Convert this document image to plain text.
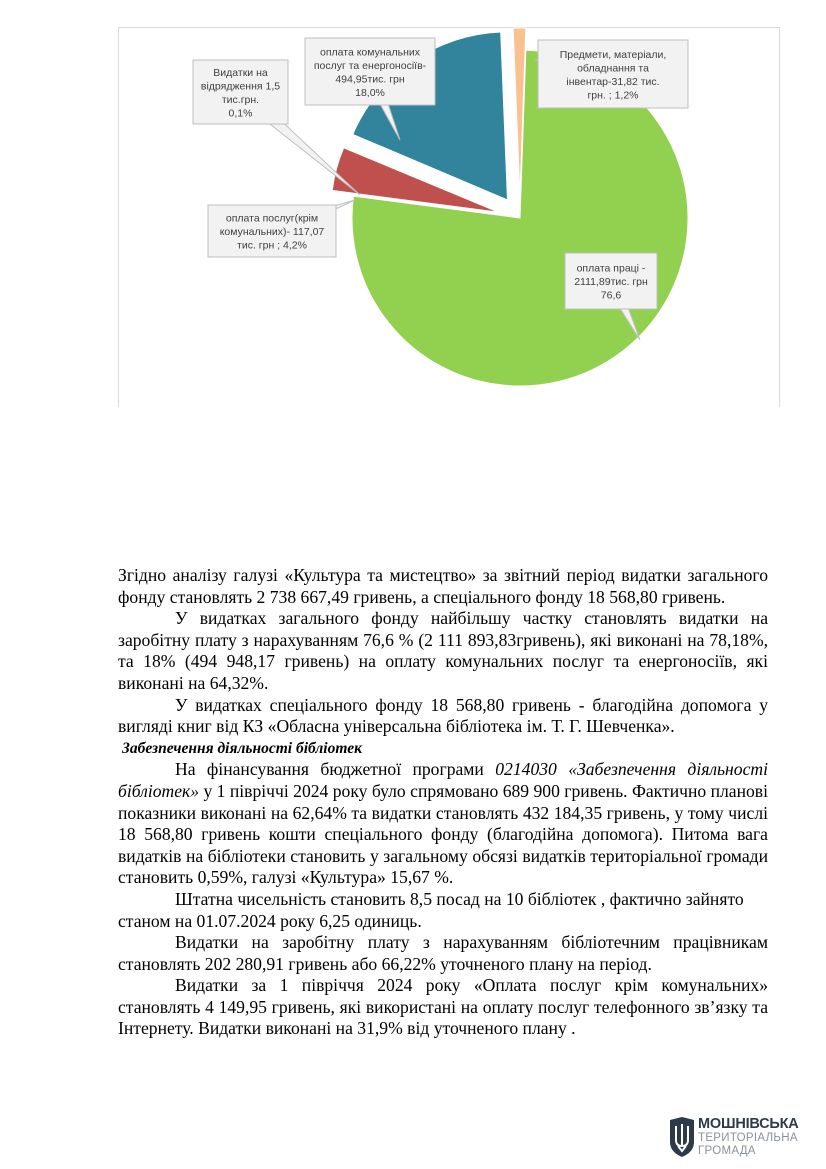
оплата праці -
2111,89тис. грн
76,6
оплата послуг(крім
комунальних)- 117,07
тис. грн ; 4,2%
Видатки на
відрядження 1,5
тис.грн.
0,1%
оплата комунальних
послуг та енергоносіїв-
494,95тис. грн
18,0%
Предмети, матеріали,
обладнання та
інвентар-31,82 тис.
грн. ; 1,2%

Згідно аналізу галузі «Культура та мистецтво» за звітний період видатки загального фонду становлять 2 738 667,49 гривень, а спеціального фонду 18 568,80 гривень.

У видатках загального фонду найбільшу частку становлять видатки на заробітну плату з нарахуванням 76,6 % (2 111 893,83гривень), які виконані на 78,18%, та 18% (494 948,17 гривень) на оплату комунальних послуг та енергоносіїв, які виконані на 64,32%.

У видатках спеціального фонду 18 568,80 гривень - благодійна допомога у вигляді книг від КЗ «Обласна універсальна бібліотека ім. Т. Г. Шевченка».

Забезпечення діяльності бібліотек

На фінансування бюджетної програми 0214030 «Забезпечення діяльності бібліотек» у 1 півріччі 2024 року було спрямовано 689 900 гривень. Фактично планові показники виконані на 62,64% та видатки становлять 432 184,35 гривень, у тому числі 18 568,80 гривень кошти спеціального фонду (благодійна допомога). Питома вага видатків на бібліотеки становить у загальному обсязі видатків територіальної громади становить 0,59%, галузі «Культура» 15,67 %.

Штатна чисельність становить 8,5 посад на 10 бібліотек , фактично зайнято станом на 01.07.2024 року 6,25 одиниць.

Видатки на заробітну плату з нарахуванням бібліотечним працівникам становлять 202 280,91 гривень або 66,22% уточненого плану на період.

Видатки за 1 півріччя 2024 року «Оплата послуг крім комунальних» становлять 4 149,95 гривень, які використані на оплату послуг телефонного зв’язку та Інтернету. Видатки виконані на 31,9% від уточненого плану .

МОШНІВСЬКА
ТЕРИТОРІАЛЬНА
ГРОМАДА
